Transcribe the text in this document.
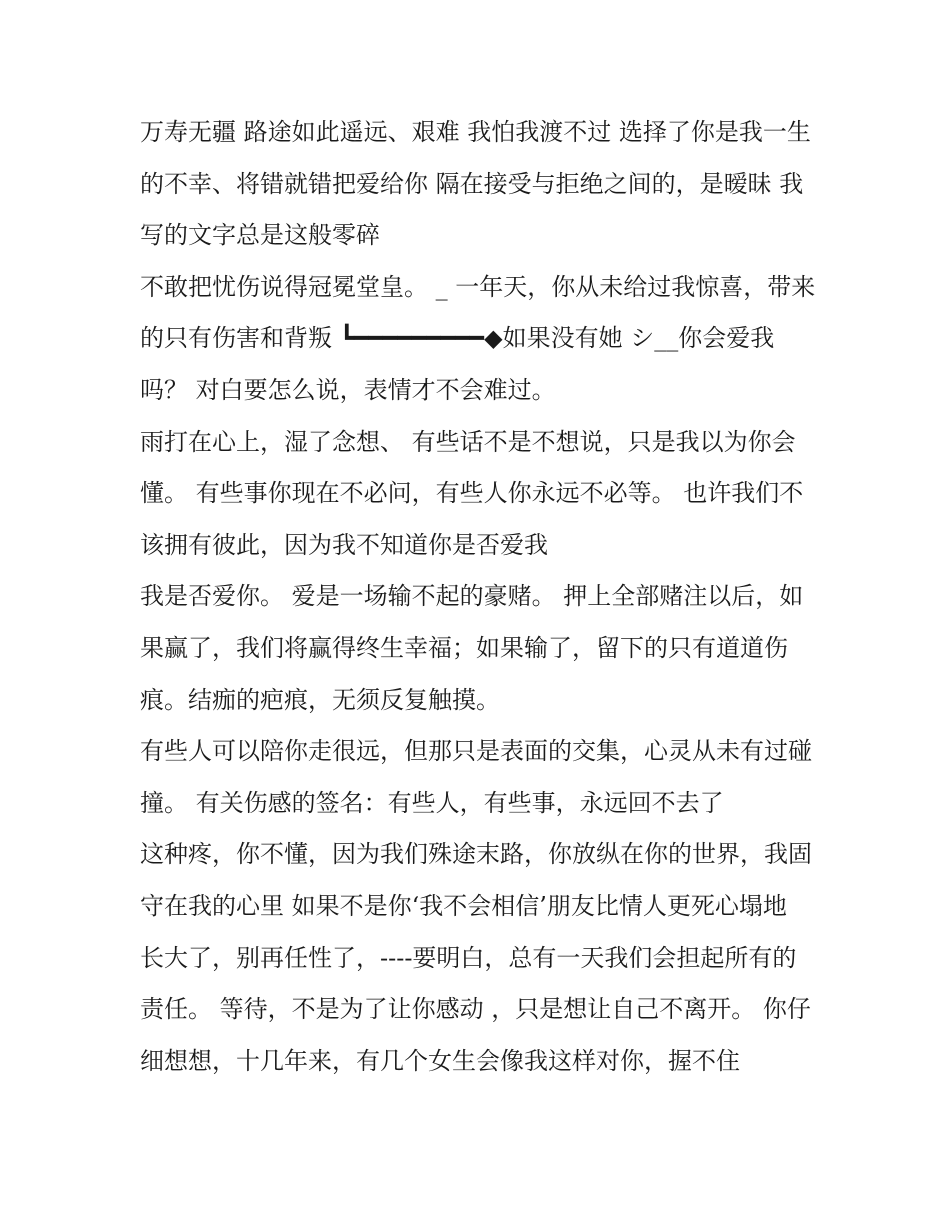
万寿无疆 路途如此遥远、艰难 我怕我渡不过 选择了你是我一生的不幸、将错就错把爱给你 隔在接受与拒绝之间的，是暧昧 我写的文字总是这般零碎

不敢把忧伤说得冠冕堂皇。 _ 一年天，你从未给过我惊喜，带来的只有伤害和背叛 ┗━━━━━━━━━◆如果没有她 シ__你会爱我吗？ 对白要怎么说，表情才不会难过。

雨打在心上，湿了念想、 有些话不是不想说，只是我以为你会懂。 有些事你现在不必问，有些人你永远不必等。 也许我们不该拥有彼此，因为我不知道你是否爱我

我是否爱你。 爱是一场输不起的豪赌。 押上全部赌注以后，如果赢了，我们将赢得终生幸福；如果输了，留下的只有道道伤痕。结痂的疤痕，无须反复触摸。

有些人可以陪你走很远，但那只是表面的交集，心灵从未有过碰撞。 有关伤感的签名：有些人，有些事，永远回不去了

这种疼，你不懂，因为我们殊途末路，你放纵在你的世界，我固守在我的心里 如果不是你‘我不会相信’朋友比情人更死心塌地

长大了，别再任性了，----要明白，总有一天我们会担起所有的责任。 等待，不是为了让你感动 ，只是想让自己不离开。 你仔细想想，十几年来，有几个女生会像我这样对你，握不住
